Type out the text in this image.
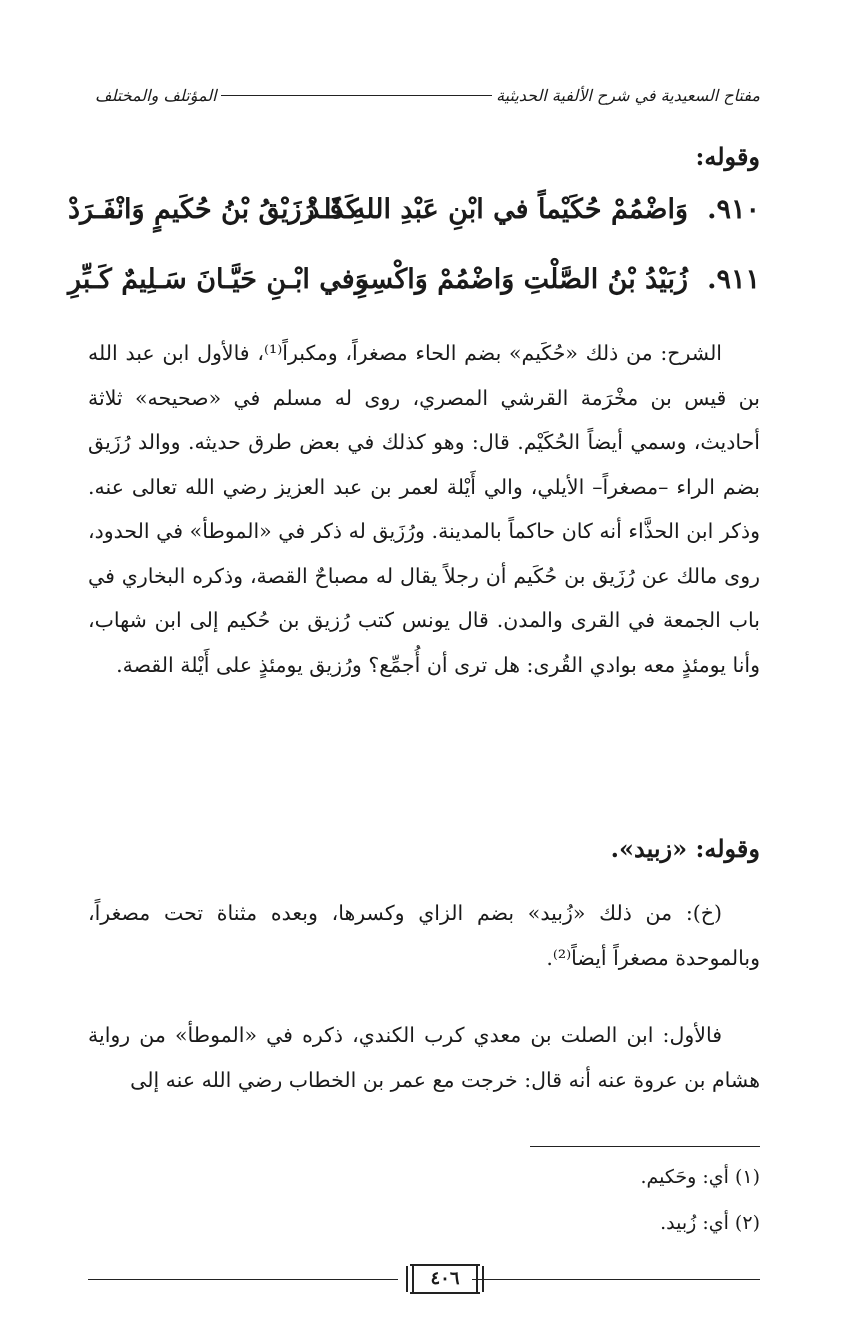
مفتاح السعيدية في شرح الألفية الحديثية
المؤتلف والمختلف
وقوله:
٩١٠.
وَاضْمُمْ حُكَيْماً في ابْنِ عَبْدِ اللهِ قَـدْ
كَذَا رُزَيْقُ بْنُ حُكَيمٍ وَانْفَـرَدْ
٩١١.
زُبَيْدُ بْنُ الصَّلْتِ وَاضْمُمْ وَاكْسِرِ
وَفي ابْـنِ حَيَّـانَ سَـلِيمٌ كَـبِّرِ
الشرح: من ذلك «حُكَيم» بضم الحاء مصغراً، ومكبراً⁽¹⁾، فالأول ابن عبد الله بن قيس بن مخْرَمة القرشي المصري، روى له مسلم في «صحيحه» ثلاثة أحاديث، وسمي أيضاً الحُكَيْم. قال: وهو كذلك في بعض طرق حديثه. ووالد رُزَيق بضم الراء –مصغراً– الأيلي، والي أَيْلة لعمر بن عبد العزيز رضي الله تعالى عنه. وذكر ابن الحذَّاء أنه كان حاكماً بالمدينة. ورُزَيق له ذكر في «الموطأ» في الحدود، روى مالك عن رُزَيق بن حُكَيم أن رجلاً يقال له مصباحٌ القصة، وذكره البخاري في باب الجمعة في القرى والمدن. قال يونس كتب رُزيق بن حُكيم إلى ابن شهاب، وأنا يومئذٍ معه بوادي القُرى: هل ترى أن أُجمِّع؟ ورُزيق يومئذٍ على أَيْلة القصة.
وقوله: «زبيد».
(خ): من ذلك «زُبيد» بضم الزاي وكسرها، وبعده مثناة تحت مصغراً، وبالموحدة مصغراً أيضاً⁽²⁾.
فالأول: ابن الصلت بن معدي كرب الكندي، ذكره في «الموطأ» من رواية هشام بن عروة عنه أنه قال: خرجت مع عمر بن الخطاب رضي الله عنه إلى
(١) أي: وحَكيم.
(٢) أي: زُبيد.
٤٠٦
